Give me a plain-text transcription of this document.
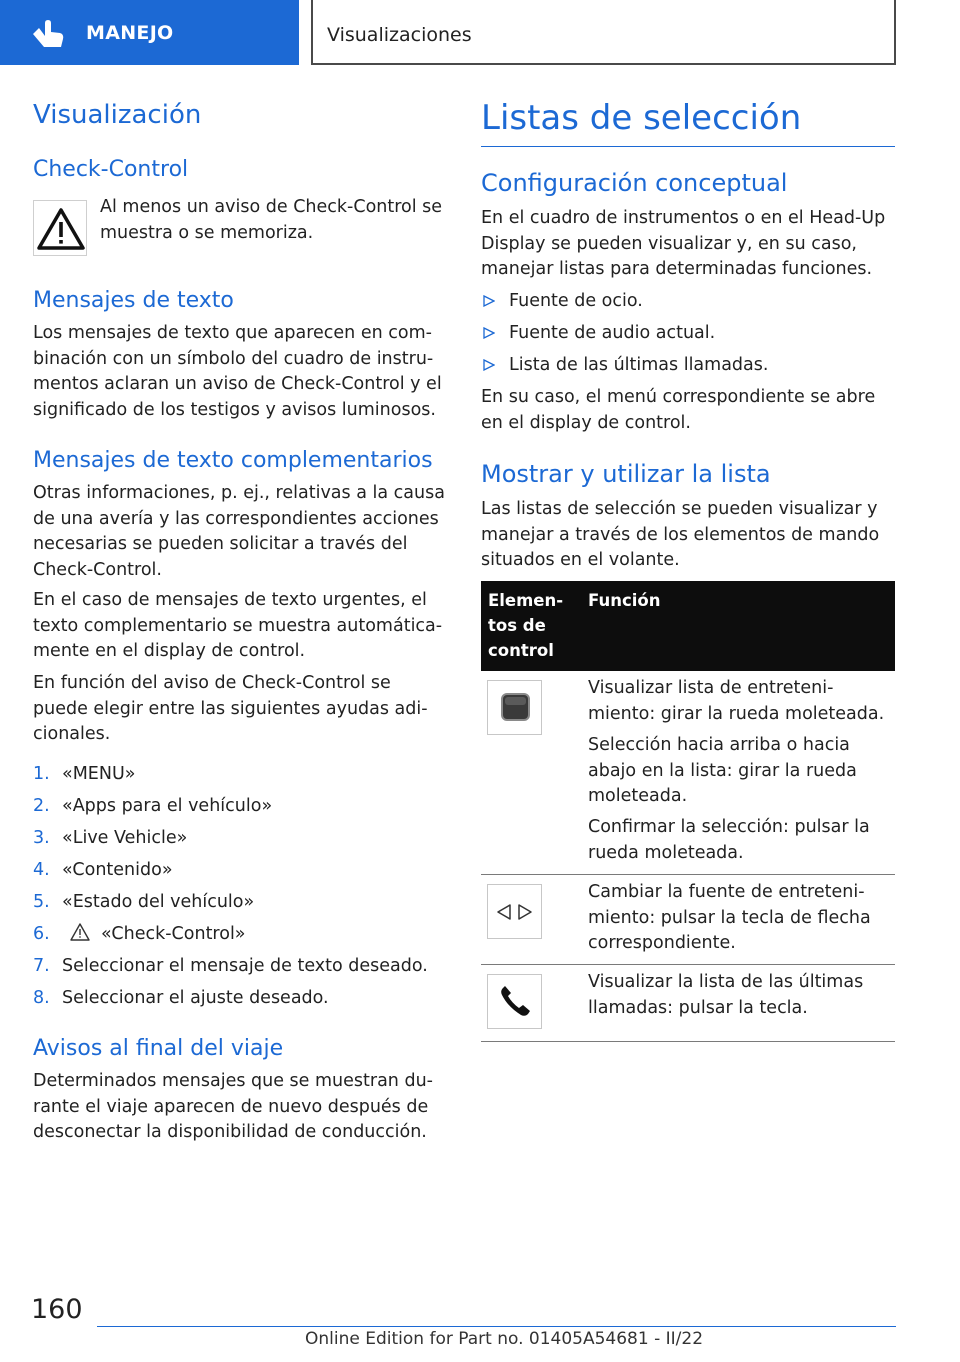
MANEJO	Visualizaciones
Visualización
Check-Control
Al menos un aviso de Check-Control se muestra o se memoriza.
Mensajes de texto
Los mensajes de texto que aparecen en combinación con un símbolo del cuadro de instrumentos aclaran un aviso de Check-Control y el significado de los testigos y avisos luminosos.
Mensajes de texto complementarios
Otras informaciones, p. ej., relativas a la causa de una avería y las correspondientes acciones necesarias se pueden solicitar a través del Check-Control.
En el caso de mensajes de texto urgentes, el texto complementario se muestra automáticamente en el display de control.
En función del aviso de Check-Control se puede elegir entre las siguientes ayudas adicionales.
1. «MENU»
2. «Apps para el vehículo»
3. «Live Vehicle»
4. «Contenido»
5. «Estado del vehículo»
6.	«Check-Control»
7. Seleccionar el mensaje de texto deseado.
8. Seleccionar el ajuste deseado.
Avisos al final del viaje
Determinados mensajes que se muestran durante el viaje aparecen de nuevo después de desconectar la disponibilidad de conducción.
Listas de selección
Configuración conceptual
En el cuadro de instrumentos o en el Head-Up Display se pueden visualizar y, en su caso, manejar listas para determinadas funciones.
Fuente de ocio.
Fuente de audio actual.
Lista de las últimas llamadas.
En su caso, el menú correspondiente se abre en el display de control.
Mostrar y utilizar la lista
Las listas de selección se pueden visualizar y manejar a través de los elementos de mando situados en el volante.
Elementos de control
Función
Visualizar lista de entretenimiento: girar la rueda moleteada.
Selección hacia arriba o hacia abajo en la lista: girar la rueda moleteada.
Confirmar la selección: pulsar la rueda moleteada.
Cambiar la fuente de entretenimiento: pulsar la tecla de flecha correspondiente.
Visualizar la lista de las últimas llamadas: pulsar la tecla.
160
Online Edition for Part no. 01405A54681 - II/22
